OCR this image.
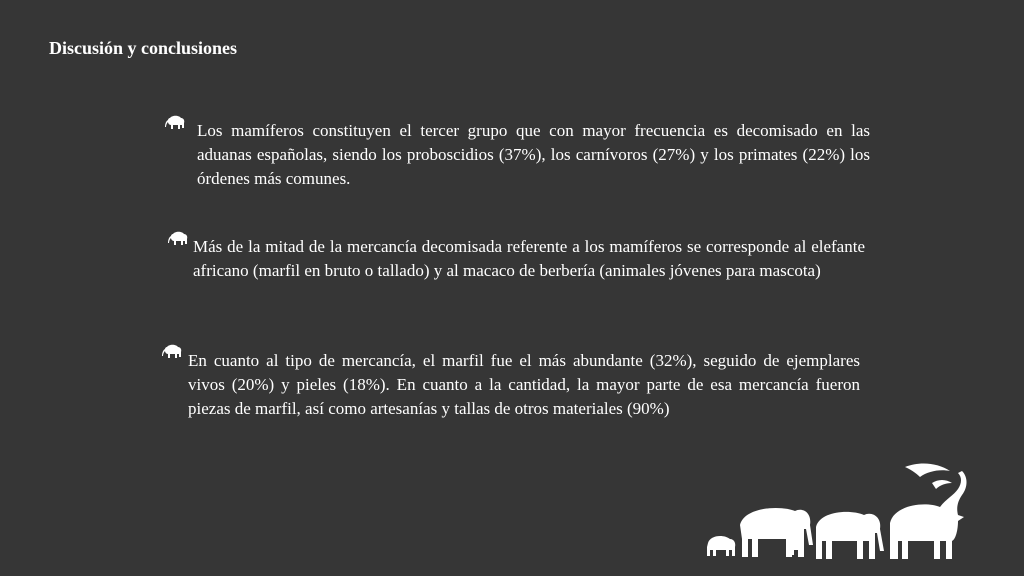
Discusión y conclusiones
Los mamíferos constituyen el tercer grupo que con mayor frecuencia es decomisado en las aduanas españolas, siendo los proboscidios (37%), los carnívoros (27%) y los primates (22%) los órdenes más comunes.
Más de la mitad de la mercancía decomisada referente a los mamíferos se corresponde al elefante africano (marfil en bruto o tallado) y al macaco de berbería (animales jóvenes para mascota)
En cuanto al tipo de mercancía, el marfil fue el más abundante (32%), seguido de ejemplares vivos (20%) y pieles (18%). En cuanto a la cantidad, la mayor parte de esa mercancía fueron piezas de marfil, así como artesanías y tallas de otros materiales (90%)
